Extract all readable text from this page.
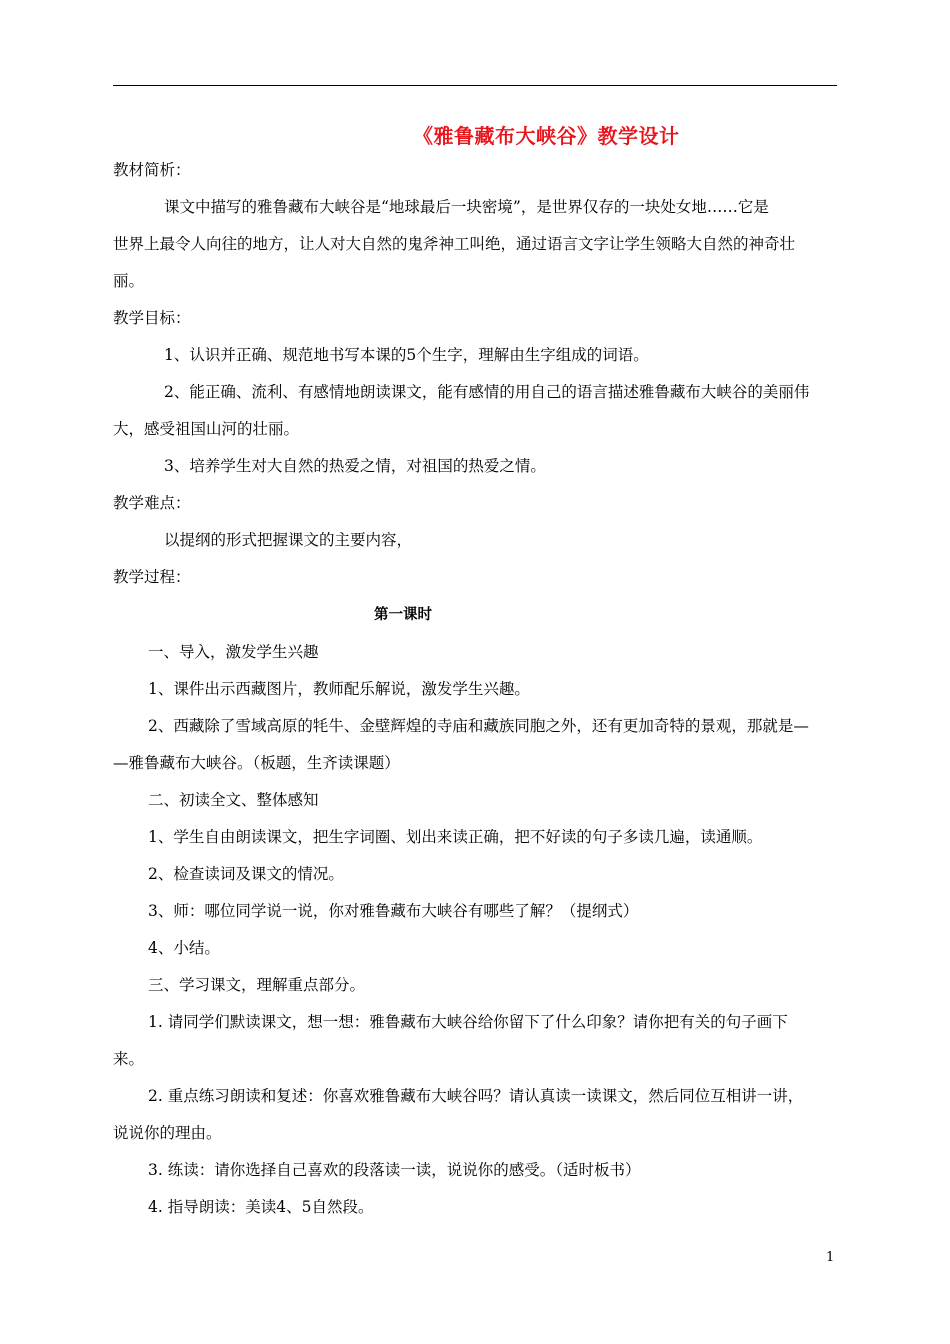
《雅鲁藏布大峡谷》教学设计
教材简析：
课文中描写的雅鲁藏布大峡谷是“地球最后一块密境”，是世界仅存的一块处女地……它是
世界上最令人向往的地方，让人对大自然的鬼斧神工叫绝，通过语言文字让学生领略大自然的神奇壮
丽。
教学目标：
1、认识并正确、规范地书写本课的5个生字，理解由生字组成的词语。
2、能正确、流利、有感情地朗读课文，能有感情的用自己的语言描述雅鲁藏布大峡谷的美丽伟
大，感受祖国山河的壮丽。
3、培养学生对大自然的热爱之情，对祖国的热爱之情。
教学难点：
以提纲的形式把握课文的主要内容，
教学过程：
第一课时
一、导入，激发学生兴趣
1、课件出示西藏图片，教师配乐解说，激发学生兴趣。
2、西藏除了雪域高原的牦牛、金壁辉煌的寺庙和藏族同胞之外，还有更加奇特的景观，那就是—
—雅鲁藏布大峡谷。（板题，生齐读课题）
二、初读全文、整体感知
1、学生自由朗读课文，把生字词圈、划出来读正确，把不好读的句子多读几遍，读通顺。
2、检查读词及课文的情况。
3、师：哪位同学说一说，你对雅鲁藏布大峡谷有哪些了解？（提纲式）
4、小结。
三、学习课文，理解重点部分。
1. 请同学们默读课文，想一想：雅鲁藏布大峡谷给你留下了什么印象？请你把有关的句子画下
来。
2. 重点练习朗读和复述：你喜欢雅鲁藏布大峡谷吗？请认真读一读课文，然后同位互相讲一讲，
说说你的理由。
3. 练读：请你选择自己喜欢的段落读一读，说说你的感受。（适时板书）
4. 指导朗读：美读4、5自然段。
1
